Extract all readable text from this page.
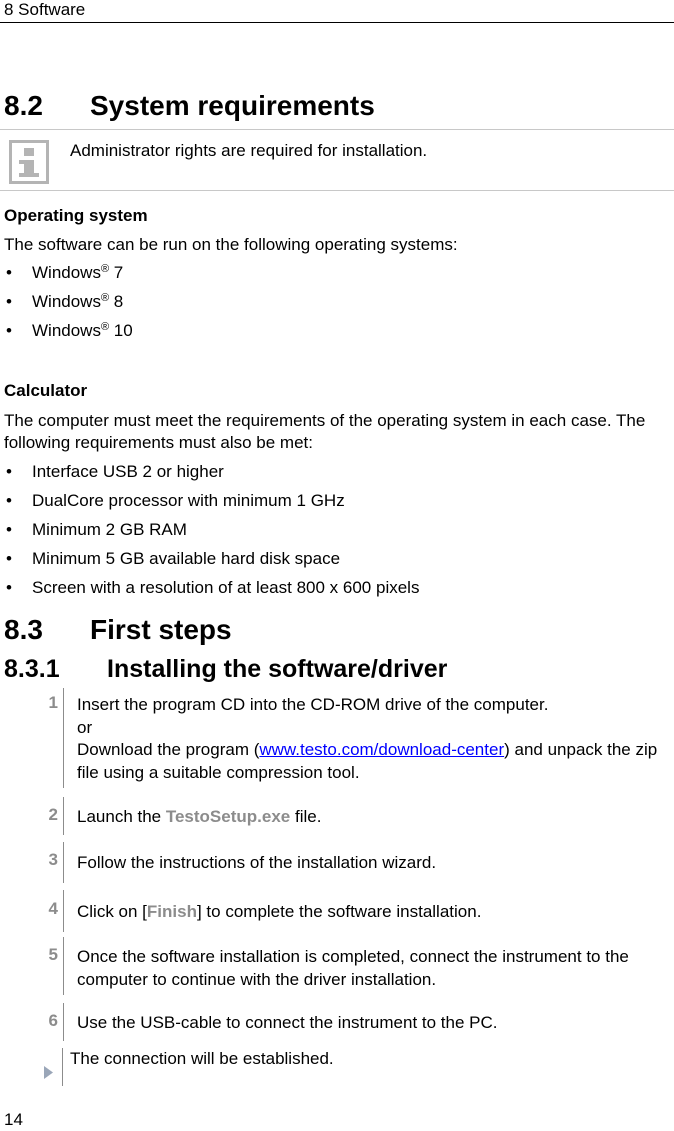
8 Software
8.2 System requirements
Administrator rights are required for installation.
Operating system
The software can be run on the following operating systems:
• Windows® 7
• Windows® 8
• Windows® 10
Calculator
The computer must meet the requirements of the operating system in each case. The following requirements must also be met:
• Interface USB 2 or higher
• DualCore processor with minimum 1 GHz
• Minimum 2 GB RAM
• Minimum 5 GB available hard disk space
• Screen with a resolution of at least 800 x 600 pixels
8.3 First steps
8.3.1 Installing the software/driver
1 Insert the program CD into the CD-ROM drive of the computer.
or
Download the program (www.testo.com/download-center) and unpack the zip file using a suitable compression tool.
2 Launch the TestoSetup.exe file.
3 Follow the instructions of the installation wizard.
4 Click on [Finish] to complete the software installation.
5 Once the software installation is completed, connect the instrument to the computer to continue with the driver installation.
6 Use the USB-cable to connect the instrument to the PC.
The connection will be established.
14
